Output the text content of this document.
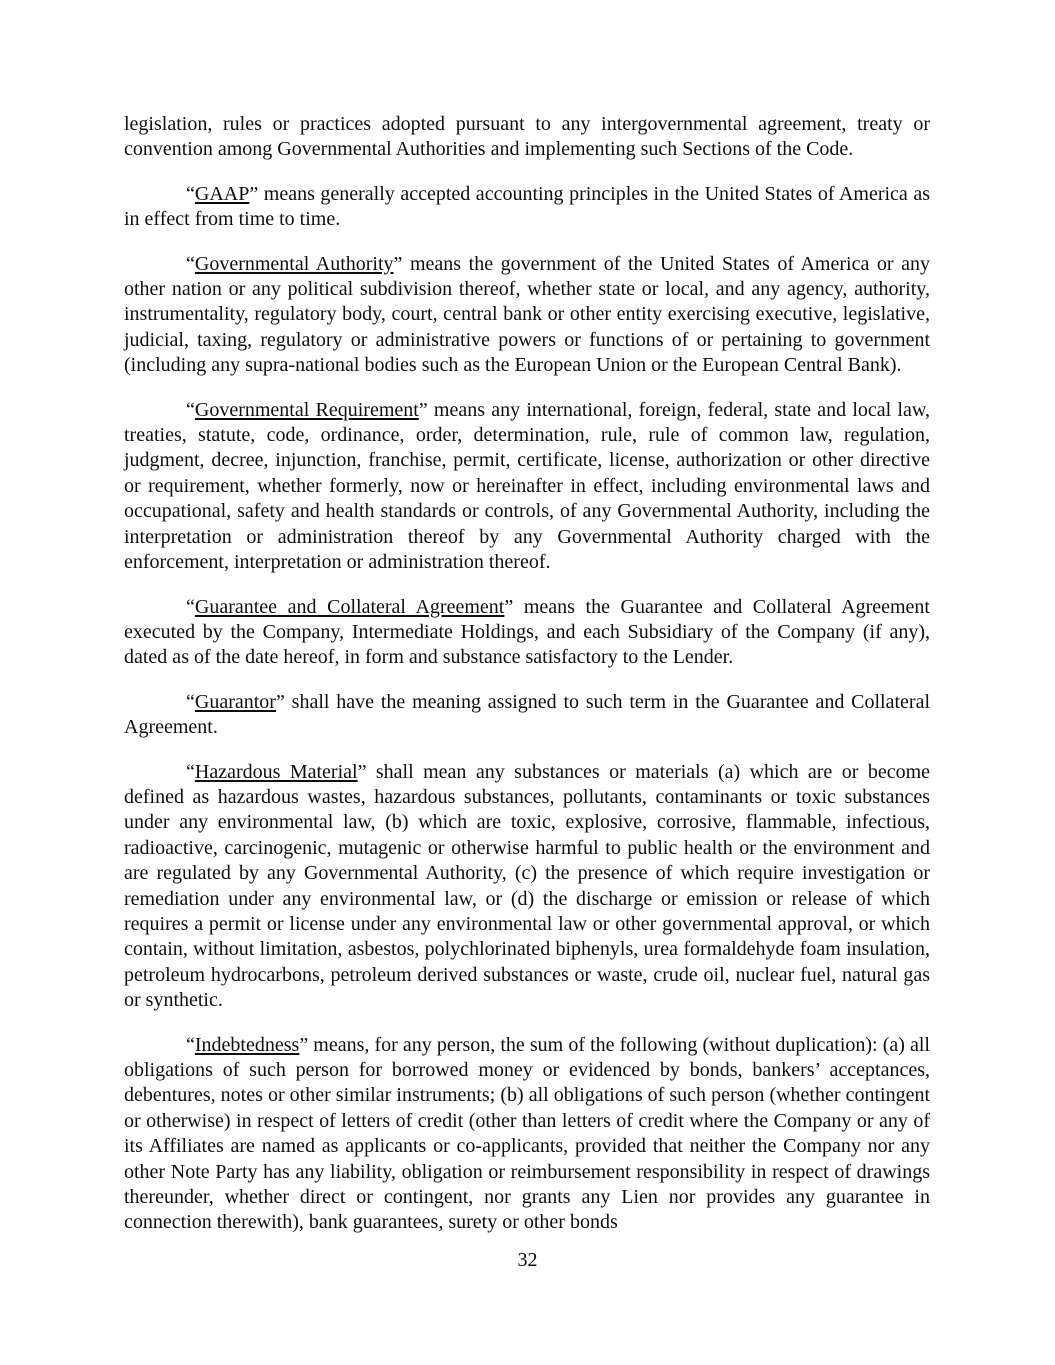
legislation, rules or practices adopted pursuant to any intergovernmental agreement, treaty or convention among Governmental Authorities and implementing such Sections of the Code.

“GAAP” means generally accepted accounting principles in the United States of America as in effect from time to time.

“Governmental Authority” means the government of the United States of America or any other nation or any political subdivision thereof, whether state or local, and any agency, authority, instrumentality, regulatory body, court, central bank or other entity exercising executive, legislative, judicial, taxing, regulatory or administrative powers or functions of or pertaining to government (including any supra-national bodies such as the European Union or the European Central Bank).

“Governmental Requirement” means any international, foreign, federal, state and local law, treaties, statute, code, ordinance, order, determination, rule, rule of common law, regulation, judgment, decree, injunction, franchise, permit, certificate, license, authorization or other directive or requirement, whether formerly, now or hereinafter in effect, including environmental laws and occupational, safety and health standards or controls, of any Governmental Authority, including the interpretation or administration thereof by any Governmental Authority charged with the enforcement, interpretation or administration thereof.

“Guarantee and Collateral Agreement” means the Guarantee and Collateral Agreement executed by the Company, Intermediate Holdings, and each Subsidiary of the Company (if any), dated as of the date hereof, in form and substance satisfactory to the Lender.

“Guarantor” shall have the meaning assigned to such term in the Guarantee and Collateral Agreement.

“Hazardous Material” shall mean any substances or materials (a) which are or become defined as hazardous wastes, hazardous substances, pollutants, contaminants or toxic substances under any environmental law, (b) which are toxic, explosive, corrosive, flammable, infectious, radioactive, carcinogenic, mutagenic or otherwise harmful to public health or the environment and are regulated by any Governmental Authority, (c) the presence of which require investigation or remediation under any environmental law, or (d) the discharge or emission or release of which requires a permit or license under any environmental law or other governmental approval, or which contain, without limitation, asbestos, polychlorinated biphenyls, urea formaldehyde foam insulation, petroleum hydrocarbons, petroleum derived substances or waste, crude oil, nuclear fuel, natural gas or synthetic.

“Indebtedness” means, for any person, the sum of the following (without duplication): (a) all obligations of such person for borrowed money or evidenced by bonds, bankers’ acceptances, debentures, notes or other similar instruments; (b) all obligations of such person (whether contingent or otherwise) in respect of letters of credit (other than letters of credit where the Company or any of its Affiliates are named as applicants or co-applicants, provided that neither the Company nor any other Note Party has any liability, obligation or reimbursement responsibility in respect of drawings thereunder, whether direct or contingent, nor grants any Lien nor provides any guarantee in connection therewith), bank guarantees, surety or other bonds

32
